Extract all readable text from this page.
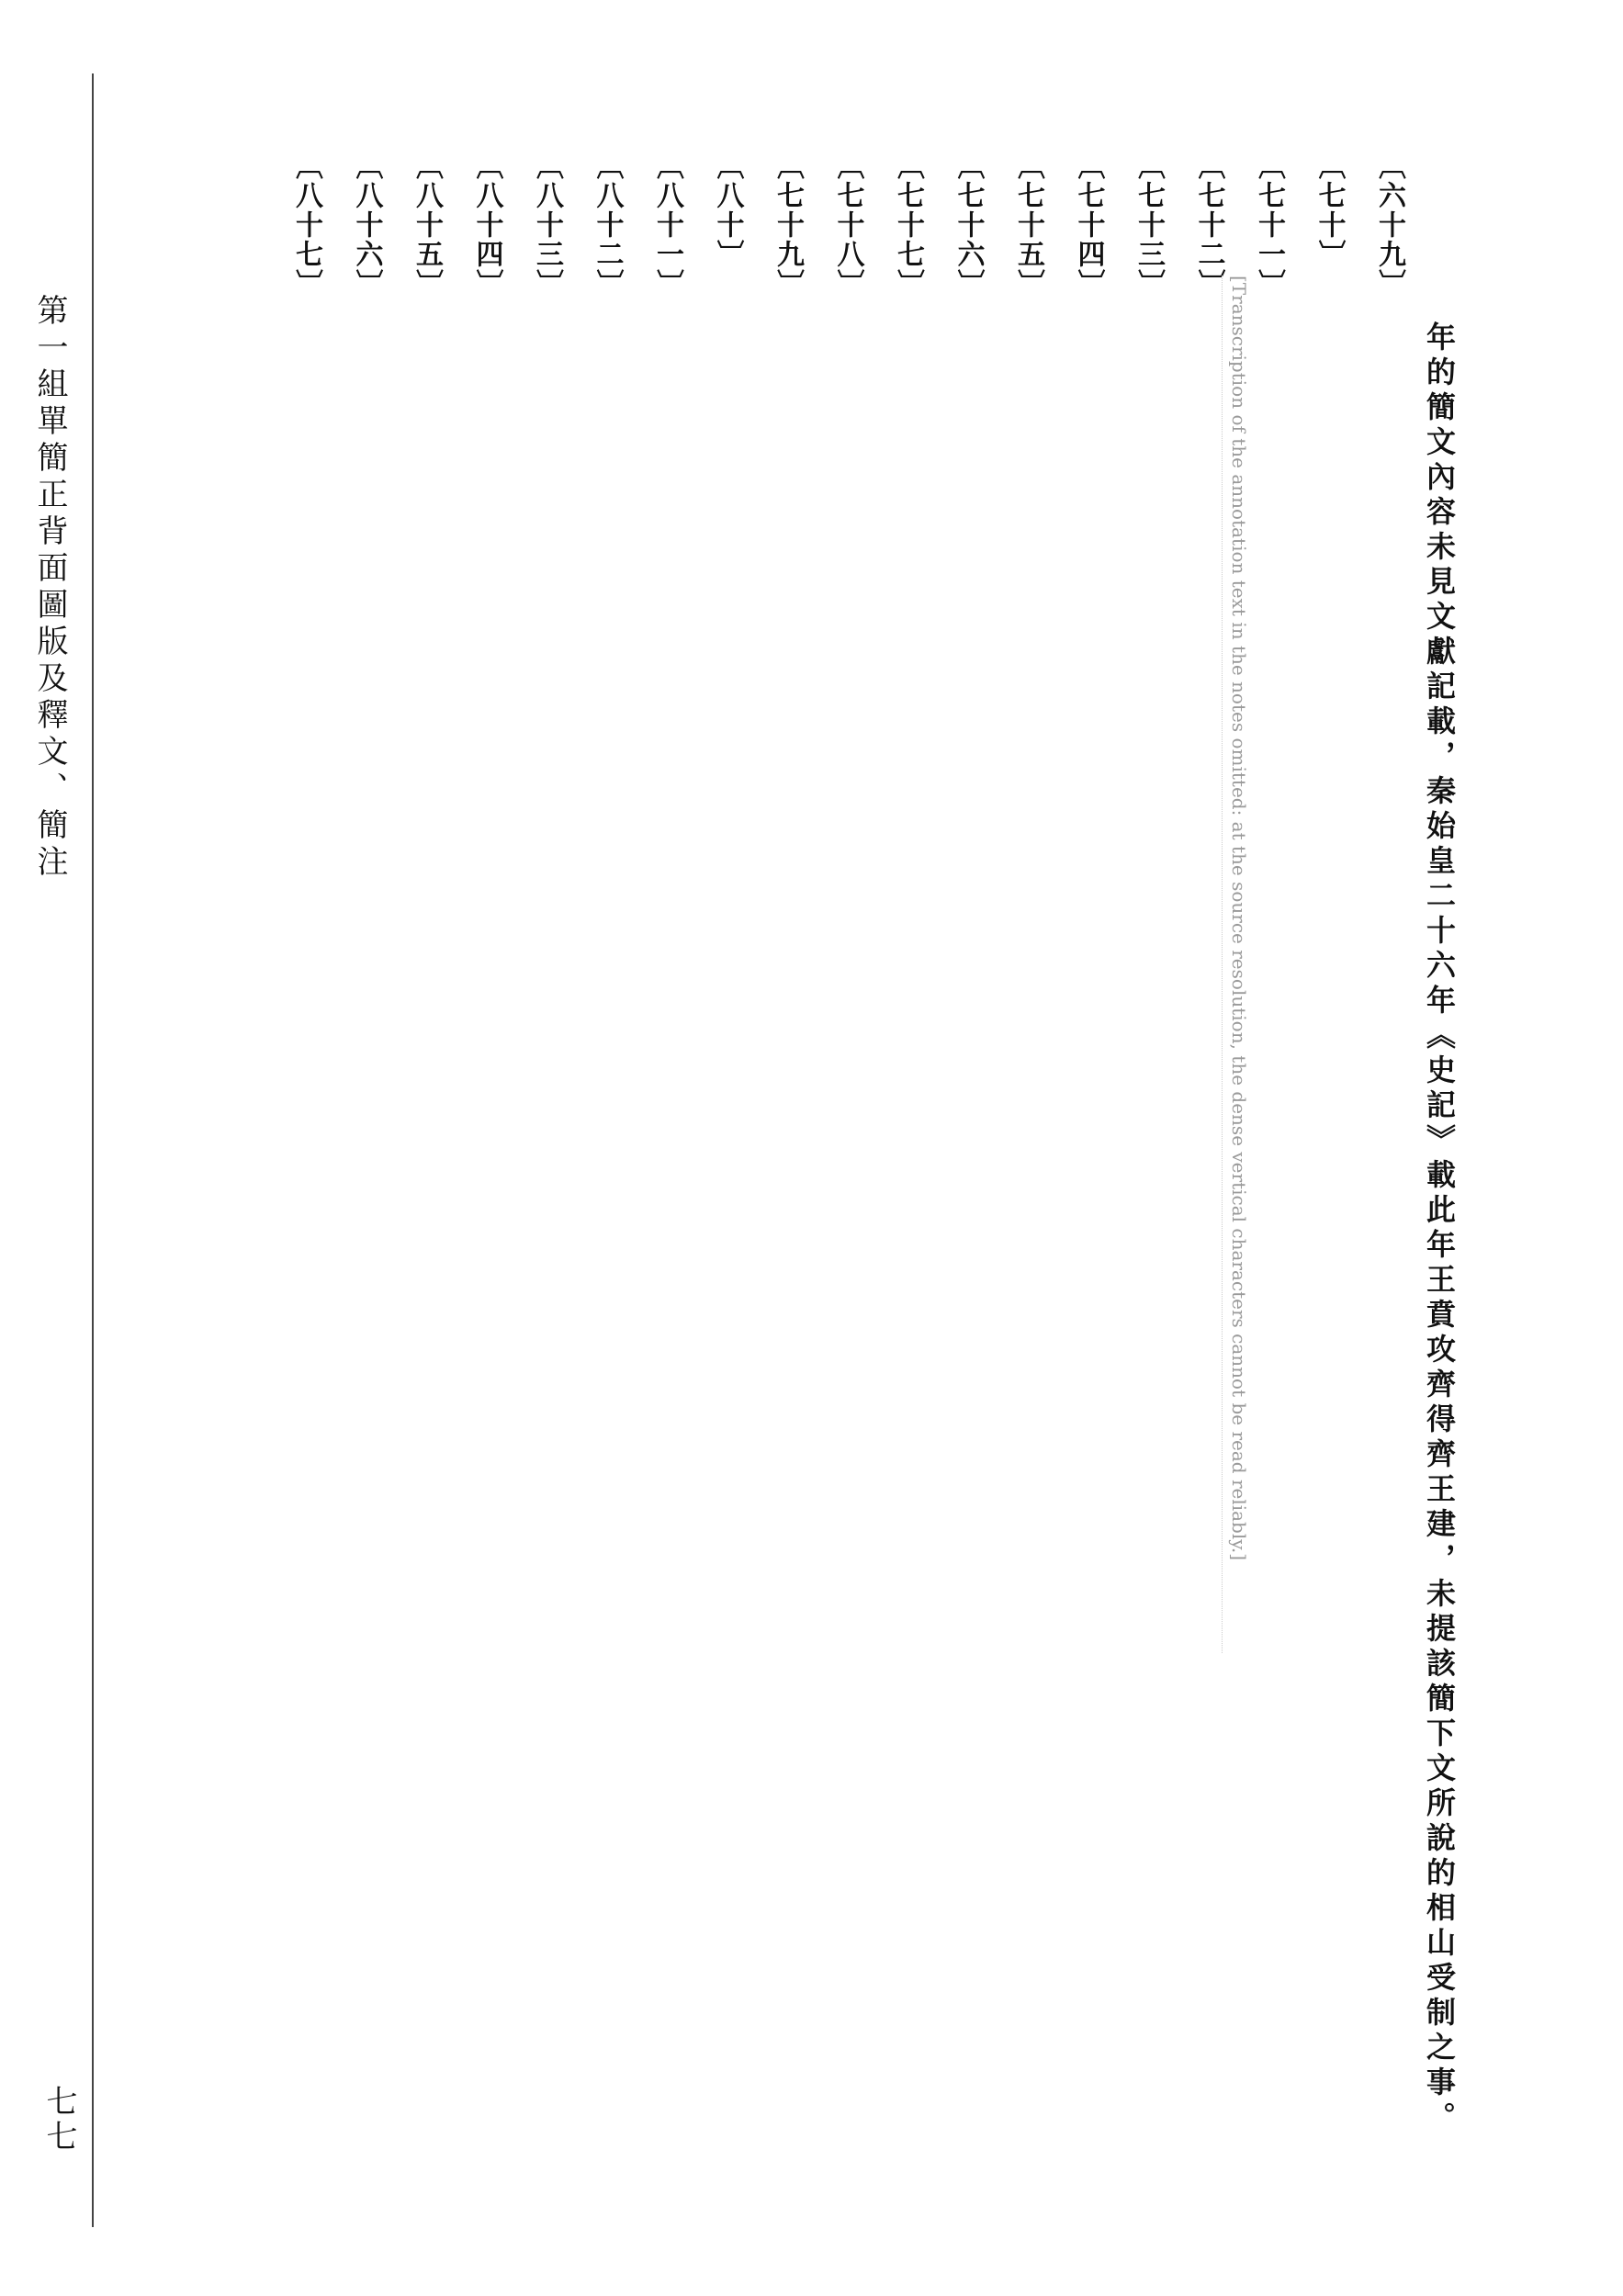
第一組單簡正背面圖版及釋文、簡注
七七	年的簡文內容未見文獻記載，秦始皇二十六年《史記》載此年王賁攻齊得齊王建，未提該簡下文所說的相山受制之事。
〔六十九〕
〔七十〕
〔七十一〕
〔七十二〕
〔七十三〕
〔七十四〕
〔七十五〕
〔七十六〕
〔七十七〕
〔七十八〕
〔七十九〕
〔八十〕
〔八十一〕
〔八十二〕
〔八十三〕
〔八十四〕
〔八十五〕
〔八十六〕
〔八十七〕
[Transcription of the annotation text in the notes omitted: at the source resolution, the dense vertical characters cannot be read reliably.]
